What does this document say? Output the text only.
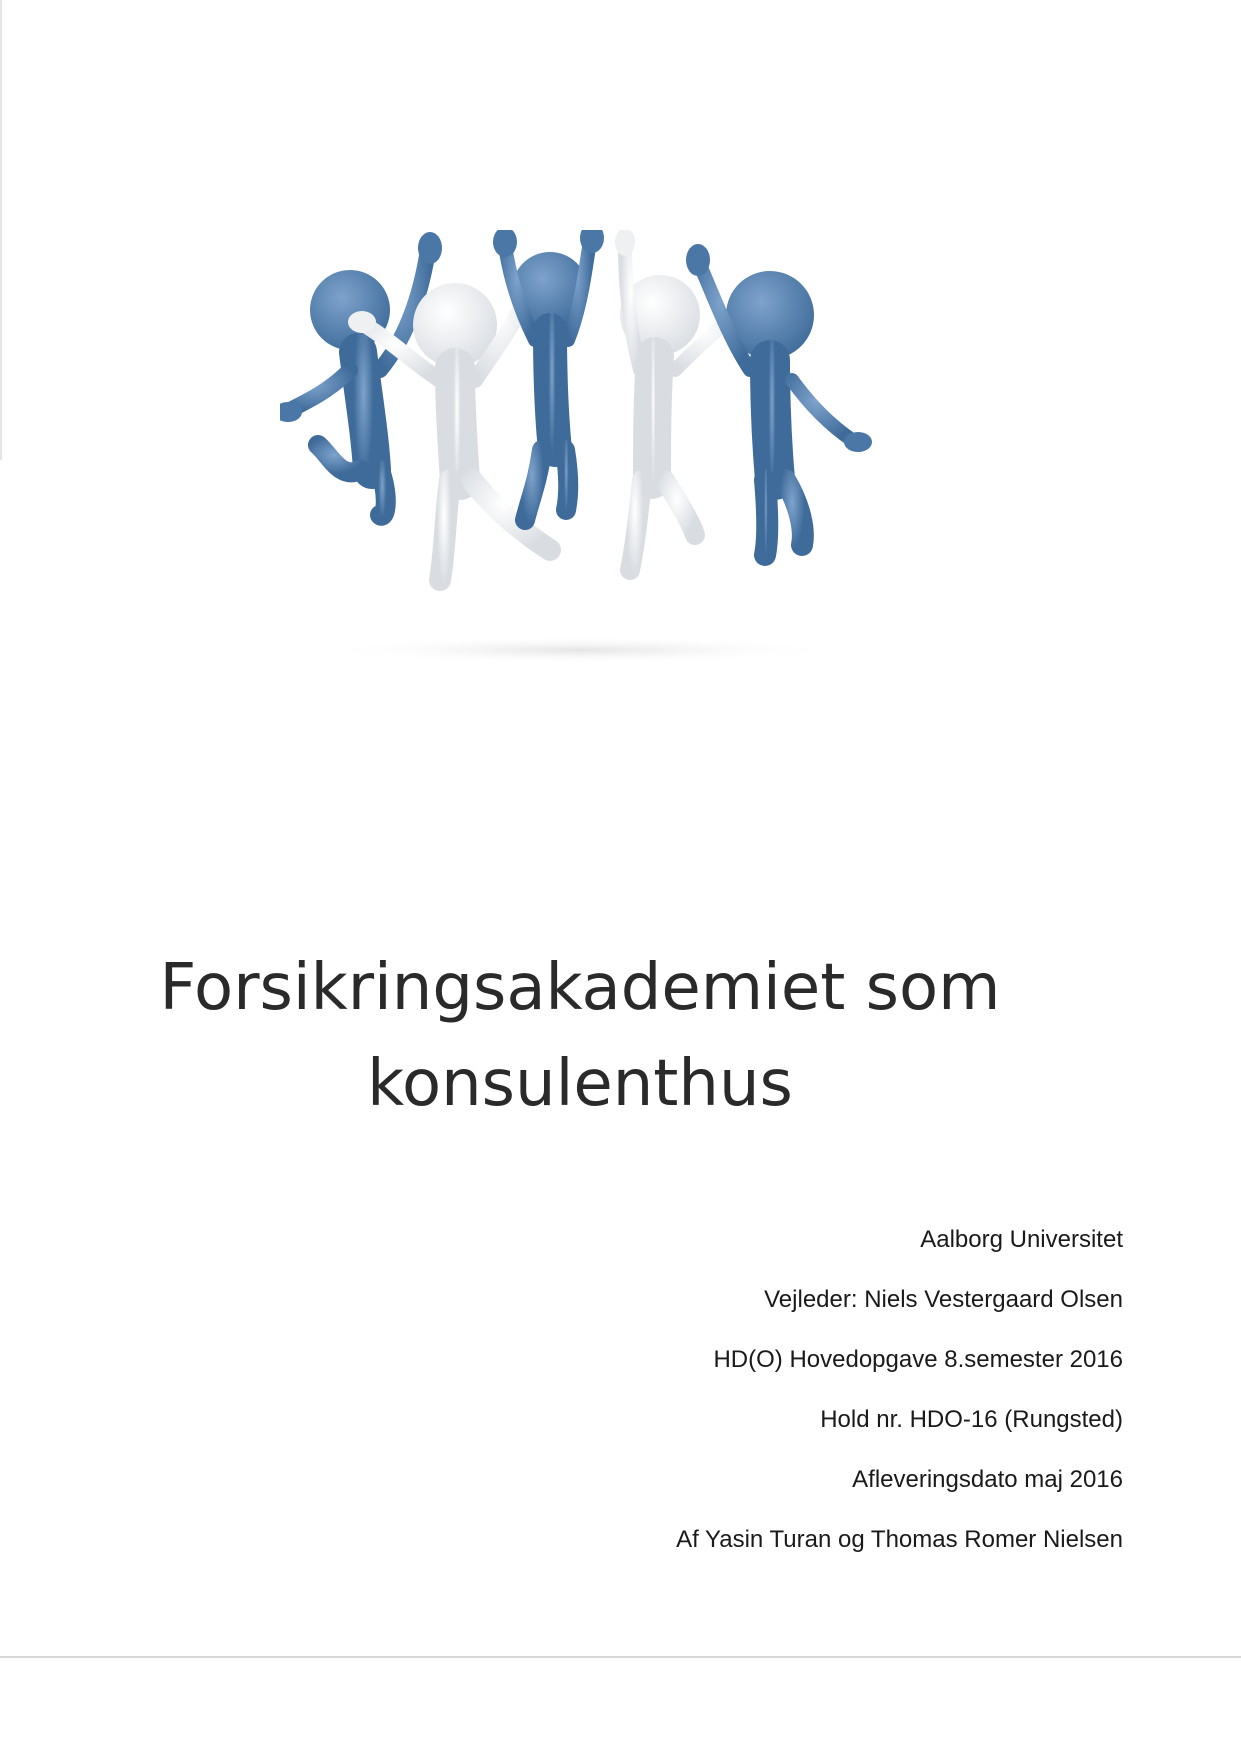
Forsikringsakademiet som
konsulenthus
Aalborg Universitet
Vejleder: Niels Vestergaard Olsen
HD(O) Hovedopgave 8.semester 2016
Hold nr. HDO-16 (Rungsted)
Afleveringsdato maj 2016
Af Yasin Turan og Thomas Romer Nielsen
